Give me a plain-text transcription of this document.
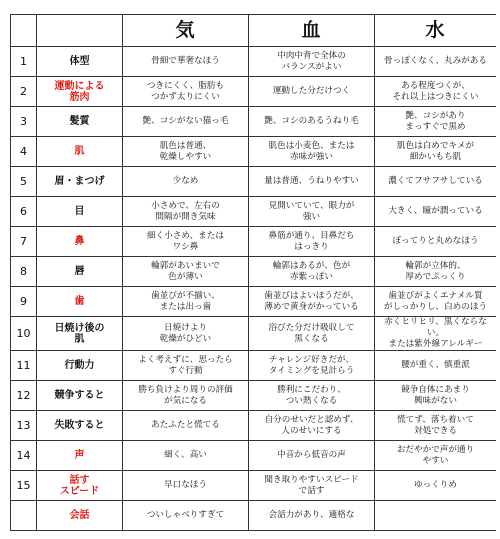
		気	血	水
1	体型	骨細で華奢なほう	中肉中背で全体の
バランスがよい	骨っぽくなく、丸みがある
2	運動による
筋肉	つきにくく、脂肪も
つかず太りにくい	運動した分だけつく	ある程度つくが、
それ以上はつきにくい
3	髪質	艶、コシがない猫っ毛	艶、コシのあるうねり毛	艶、コシがあり
まっすぐで黒め
4	肌	肌色は普通、
乾燥しやすい	肌色は小麦色、または
赤味が強い	肌色は白めでキメが
細かいもち肌
5	眉・まつげ	少なめ	量は普通、うねりやすい	濃くてフサフサしている
6	目	小さめで、左右の
間隔が開き気味	見開いていて、眼力が
強い	大きく、瞳が潤っている
7	鼻	細く小さめ、または
ワシ鼻	鼻筋が通り、目鼻だち
はっきり	ぼってりと丸めなほう
8	唇	輪郭があいまいで
色が薄い	輪郭はあるが、色が
赤紫っぽい	輪郭が立体的、
厚めでぷっくり
9	歯	歯並びが不揃い、
または出っ歯	歯並びはよいほうだが、
薄めで黄身がかっている	歯並びがよくエナメル質
がしっかりし、白めのほう
10	日焼け後の
肌	日焼けより
乾燥がひどい	浴びた分だけ吸収して
黒くなる	赤くヒリヒリ、黒くならない。
または紫外線アレルギー
11	行動力	よく考えずに、思ったら
すぐ行動	チャレンジ好きだが、
タイミングを見計らう	腰が重く、慎重派
12	競争すると	勝ち負けより周りの評価
が気になる	勝利にこだわり、
つい熱くなる	競争自体にあまり
興味がない
13	失敗すると	あたふたと慌てる	自分のせいだと認めず、
人のせいにする	慌てず、落ち着いて
対処できる
14	声	細く、高い	中音から低音の声	おだやかで声が通り
やすい
15	話す
スピード	早口なほう	聞き取りやすいスピード
で話す	ゆっくりめ
	会話	ついしゃべりすぎて	会話力があり、適格な	
